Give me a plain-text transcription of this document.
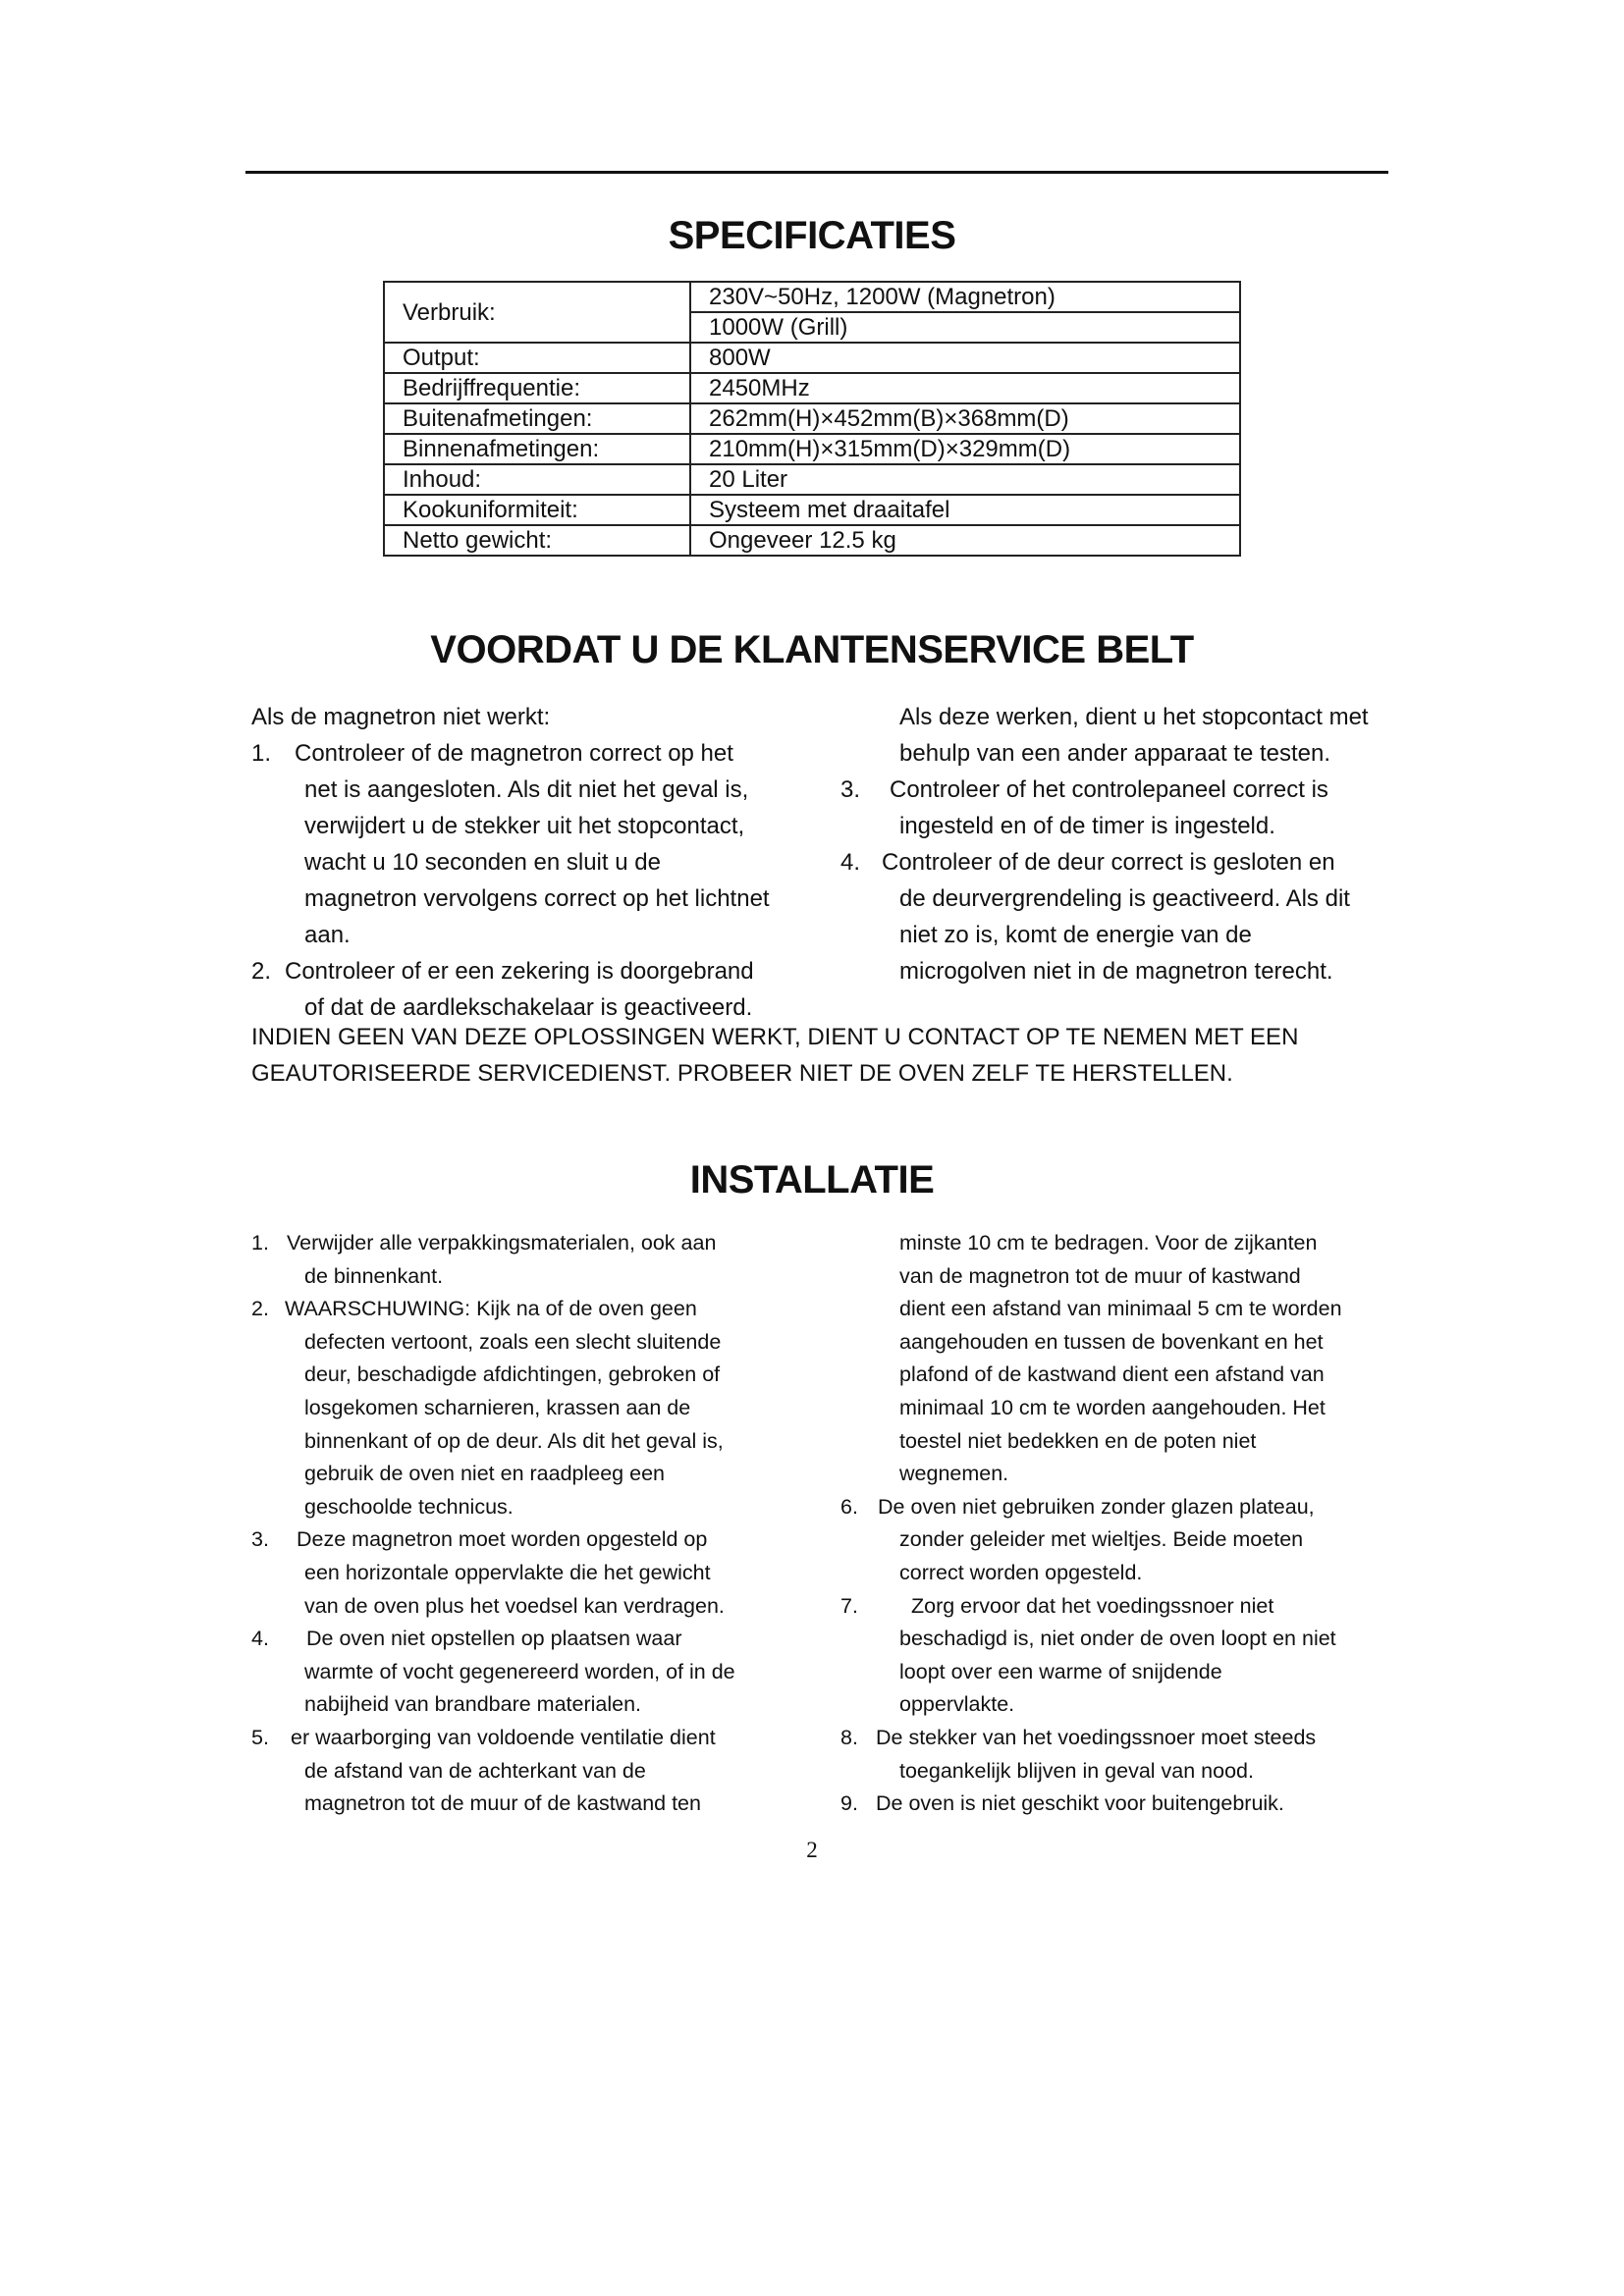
SPECIFICATIES
Verbruik:	230V~50Hz, 1200W (Magnetron)
	1000W (Grill)
Output:	800W
Bedrijffrequentie:	2450MHz
Buitenafmetingen:	262mm(H)×452mm(B)×368mm(D)
Binnenafmetingen:	210mm(H)×315mm(D)×329mm(D)
Inhoud:	20 Liter
Kookuniformiteit:	Systeem met draaitafel
Netto gewicht:	Ongeveer 12.5 kg
VOORDAT U DE KLANTENSERVICE BELT
Als de magnetron niet werkt:
1. Controleer of de magnetron correct op het
net is aangesloten. Als dit niet het geval is,
verwijdert u de stekker uit het stopcontact,
wacht u 10 seconden en sluit u de
magnetron vervolgens correct op het lichtnet
aan.
2. Controleer of er een zekering is doorgebrand
of dat de aardlekschakelaar is geactiveerd.
Als deze werken, dient u het stopcontact met
behulp van een ander apparaat te testen.
3.	Controleer of het controlepaneel correct is
ingesteld en of de timer is ingesteld.
4. Controleer of de deur correct is gesloten en
de deurvergrendeling is geactiveerd. Als dit
niet zo is, komt de energie van de
microgolven niet in de magnetron terecht.
INDIEN GEEN VAN DEZE OPLOSSINGEN WERKT, DIENT U CONTACT OP TE NEMEN MET EEN
GEAUTORISEERDE SERVICEDIENST. PROBEER NIET DE OVEN ZELF TE HERSTELLEN.
INSTALLATIE
1. Verwijder alle verpakkingsmaterialen, ook aan
de binnenkant.
2. WAARSCHUWING: Kijk na of de oven geen
defecten vertoont, zoals een slecht sluitende
deur, beschadigde afdichtingen, gebroken of
losgekomen scharnieren, krassen aan de
binnenkant of op de deur. Als dit het geval is,
gebruik de oven niet en raadpleeg een
geschoolde technicus.
3.	Deze magnetron moet worden opgesteld op
een horizontale oppervlakte die het gewicht
van de oven plus het voedsel kan verdragen.
4.	De oven niet opstellen op plaatsen waar
warmte of vocht gegenereerd worden, of in de
nabijheid van brandbare materialen.
5.	er waarborging van voldoende ventilatie dient
de afstand van de achterkant van de
magnetron tot de muur of de kastwand ten
minste 10 cm te bedragen. Voor de zijkanten
van de magnetron tot de muur of kastwand
dient een afstand van minimaal 5 cm te worden
aangehouden en tussen de bovenkant en het
plafond of de kastwand dient een afstand van
minimaal 10 cm te worden aangehouden. Het
toestel niet bedekken en de poten niet
wegnemen.
6. De oven niet gebruiken zonder glazen plateau,
zonder geleider met wieltjes. Beide moeten
correct worden opgesteld.
7.	Zorg ervoor dat het voedingssnoer niet
beschadigd is, niet onder de oven loopt en niet
loopt over een warme of snijdende
oppervlakte.
8. De stekker van het voedingssnoer moet steeds
toegankelijk blijven in geval van nood.
9. De oven is niet geschikt voor buitengebruik.
2
